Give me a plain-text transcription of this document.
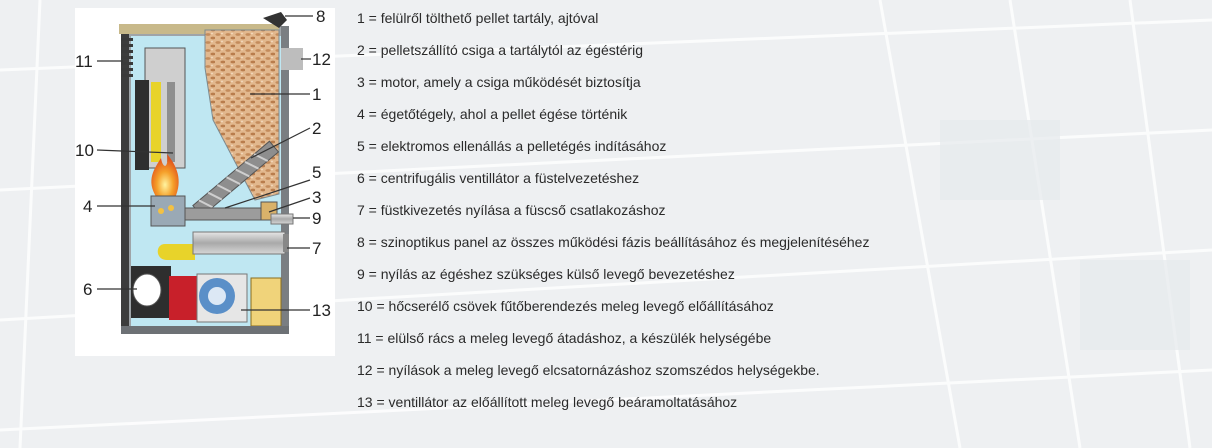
8
12
11
1
2
10
5
3
4
9
7
6
13
1 = felülről tölthető pellet tartály, ajtóval
2 = pelletszállító csiga a tartálytól az égéstérig
3 = motor, amely a csiga működését biztosítja
4 = égetőtégely, ahol a pellet égése történik
5 = elektromos ellenállás a pelletégés indításához
6 = centrifugális ventillátor a füstelvezetéshez
7 = füstkivezetés nyílása a füscső csatlakozáshoz
8 = szinoptikus panel az összes működési fázis beállításához és megjelenítéséhez
9 = nyílás az égéshez szükséges külső levegő bevezetéshez
10 = hőcserélő csövek fűtőberendezés meleg levegő előállításához
11 = elülső rács a meleg levegő átadáshoz, a készülék helységébe
12 = nyílások a meleg levegő elcsatornázáshoz szomszédos helységekbe.
13 = ventillátor az előállított meleg levegő beáramoltatásához
